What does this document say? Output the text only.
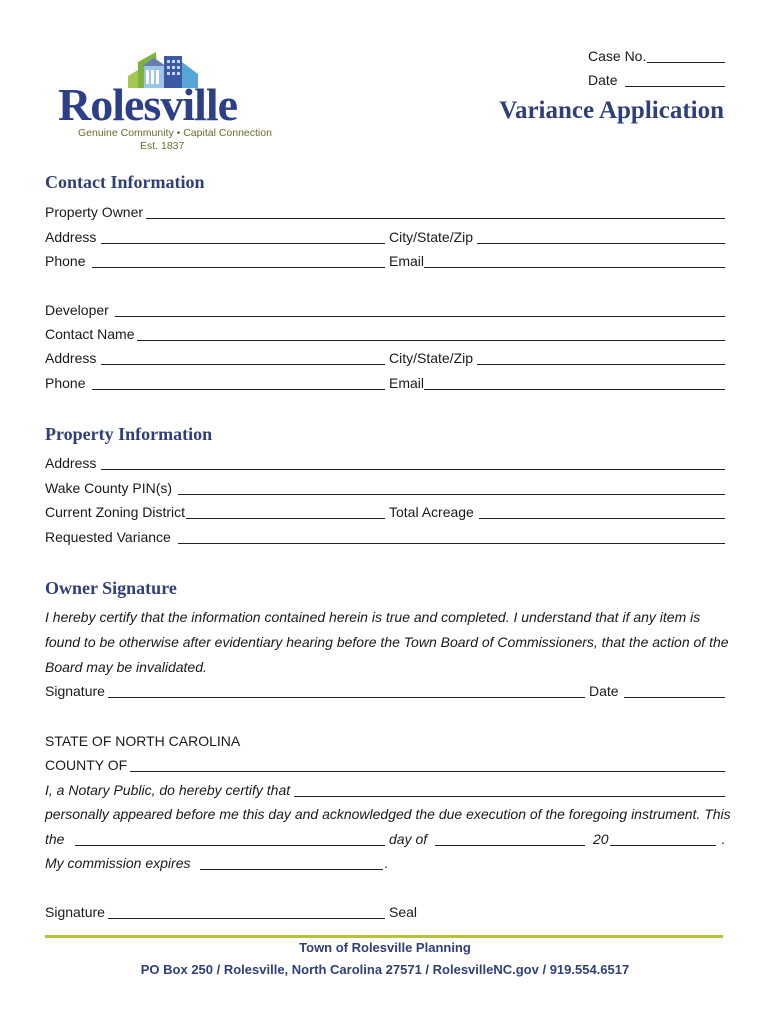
Rolesville
Genuine Community • Capital Connection
Est. 1837
Case No.
Date
Variance Application
Contact Information
Property Owner
Address	City/State/Zip
Phone	Email
Developer
Contact Name
Address	City/State/Zip
Phone	Email
Property Information
Address
Wake County PIN(s)
Current Zoning District	Total Acreage
Requested Variance
Owner Signature
I hereby certify that the information contained herein is true and completed. I understand that if any item is
found to be otherwise after evidentiary hearing before the Town Board of Commissioners, that the action of the
Board may be invalidated.
Signature	Date
STATE OF NORTH CAROLINA
COUNTY OF
I, a Notary Public, do hereby certify that
personally appeared before me this day and acknowledged the due execution of the foregoing instrument. This
the	day of	20	.
My commission expires	.
Signature	Seal
Town of Rolesville Planning
PO Box 250 / Rolesville, North Carolina 27571 / RolesvilleNC.gov / 919.554.6517
